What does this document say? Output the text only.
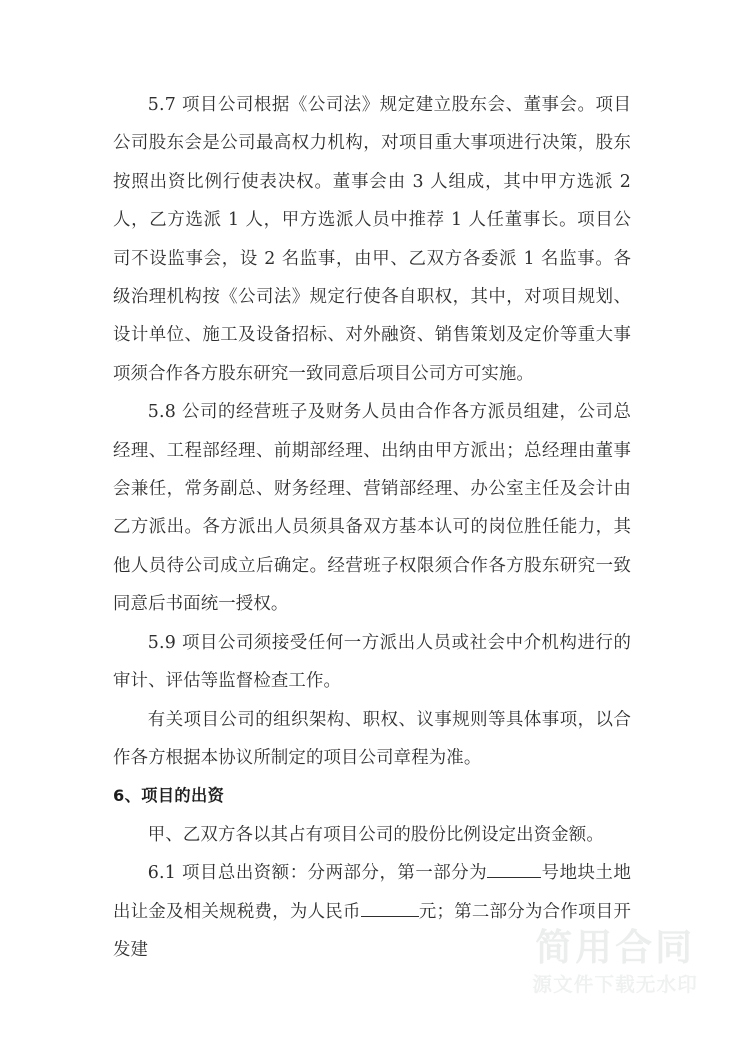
5.7 项目公司根据《公司法》规定建立股东会、董事会。项目公司股东会是公司最高权力机构，对项目重大事项进行决策，股东按照出资比例行使表决权。董事会由 3 人组成，其中甲方选派 2 人，乙方选派 1 人，甲方选派人员中推荐 1 人任董事长。项目公司不设监事会，设 2 名监事，由甲、乙双方各委派 1 名监事。各级治理机构按《公司法》规定行使各自职权，其中，对项目规划、设计单位、施工及设备招标、对外融资、销售策划及定价等重大事项须合作各方股东研究一致同意后项目公司方可实施。

5.8 公司的经营班子及财务人员由合作各方派员组建，公司总经理、工程部经理、前期部经理、出纳由甲方派出；总经理由董事会兼任，常务副总、财务经理、营销部经理、办公室主任及会计由乙方派出。各方派出人员须具备双方基本认可的岗位胜任能力，其他人员待公司成立后确定。经营班子权限须合作各方股东研究一致同意后书面统一授权。

5.9 项目公司须接受任何一方派出人员或社会中介机构进行的审计、评估等监督检查工作。

有关项目公司的组织架构、职权、议事规则等具体事项，以合作各方根据本协议所制定的项目公司章程为准。

6、项目的出资

甲、乙双方各以其占有项目公司的股份比例设定出资金额。

6.1 项目总出资额：分两部分，第一部分为	号地块土地出让金及相关规税费，为人民币	元；第二部分为合作项目开发建	简用合同
源文件下载无水印
